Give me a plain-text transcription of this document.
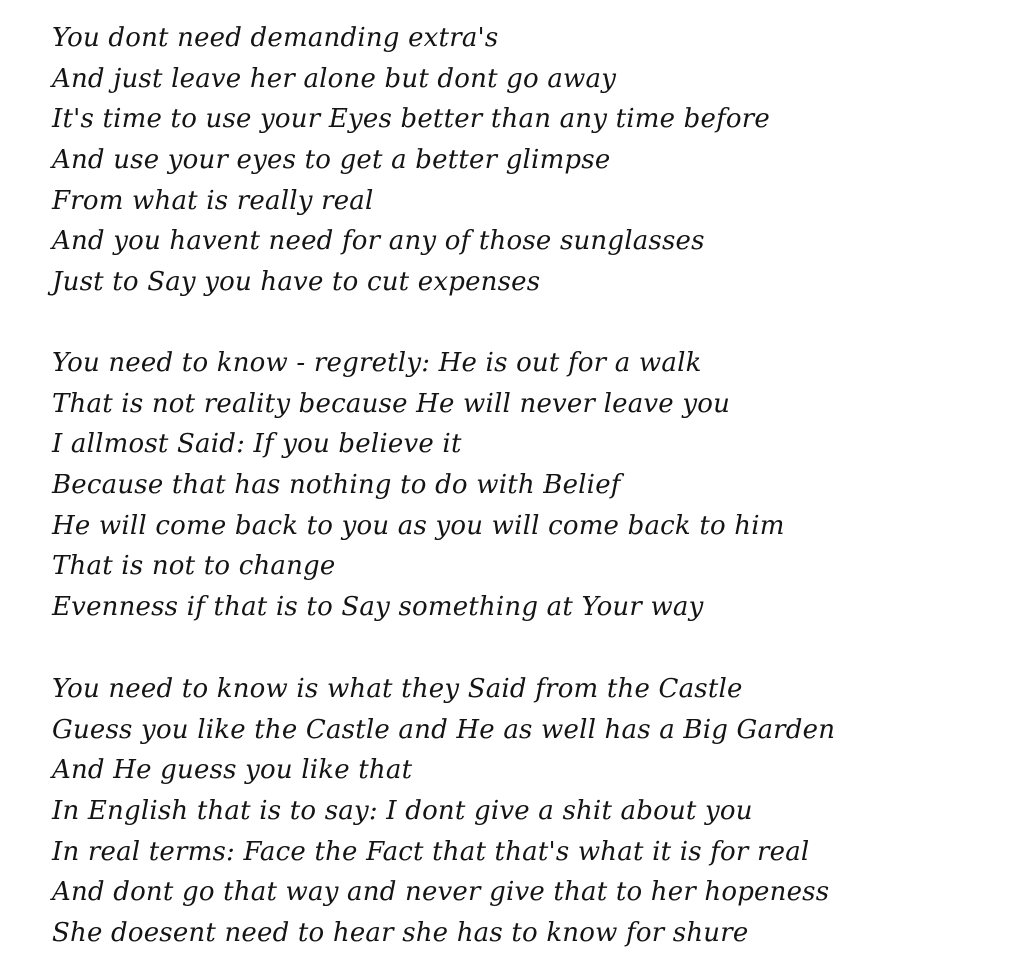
You dont need demanding extra's
And just leave her alone but dont go away
It's time to use your Eyes better than any time before
And use your eyes to get a better glimpse
From what is really real
And you havent need for any of those sunglasses
Just to Say you have to cut expenses
You need to know - regretly: He is out for a walk
That is not reality because He will never leave you
I allmost Said: If you believe it
Because that has nothing to do with Belief
He will come back to you as you will come back to him
That is not to change
Evenness if that is to Say something at Your way
You need to know is what they Said from the Castle
Guess you like the Castle and He as well has a Big Garden
And He guess you like that
In English that is to say: I dont give a shit about you
In real terms: Face the Fact that that's what it is for real
And dont go that way and never give that to her hopeness
She doesent need to hear she has to know for shure
